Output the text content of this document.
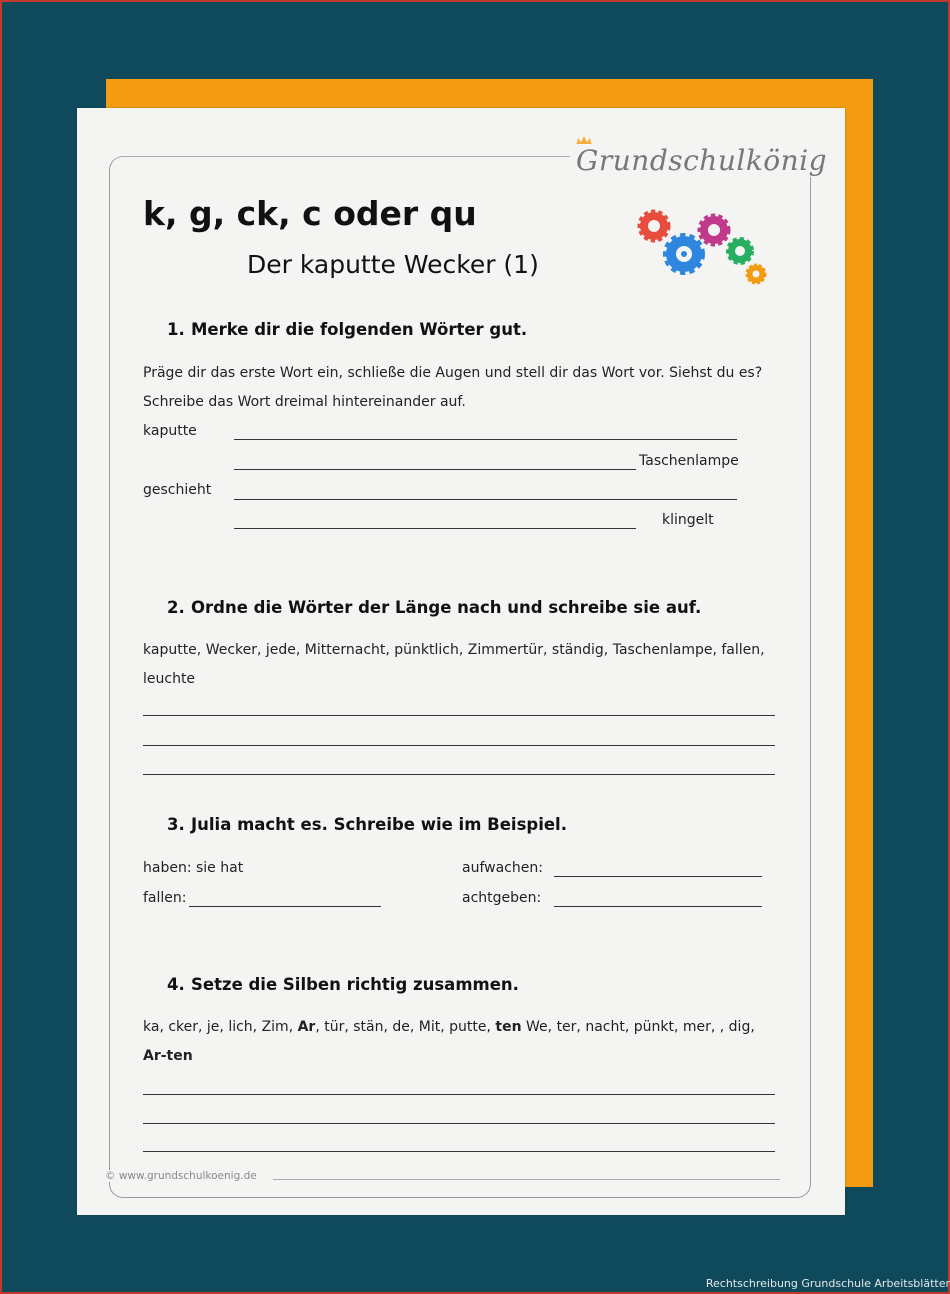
Grundschulkönig
k, g, ck, c oder qu
Der kaputte Wecker (1)
1. Merke dir die folgenden Wörter gut.
Präge dir das erste Wort ein, schließe die Augen und stell dir das Wort vor. Siehst du es?
Schreibe das Wort dreimal hintereinander auf.
kaputte
Taschenlampe
geschieht
klingelt
2. Ordne die Wörter der Länge nach und schreibe sie auf.
kaputte, Wecker, jede, Mitternacht, pünktlich, Zimmertür, ständig, Taschenlampe, fallen,
leuchte
3. Julia macht es. Schreibe wie im Beispiel.
haben: sie hat	aufwachen:
fallen:	achtgeben:
4. Setze die Silben richtig zusammen.
ka, cker, je, lich, Zim, Ar, tür, stän, de, Mit, putte, ten We, ter, nacht, pünkt, mer, , dig,
Ar-ten
© www.grundschulkoenig.de
Rechtschreibung Grundschule Arbeitsblätter
